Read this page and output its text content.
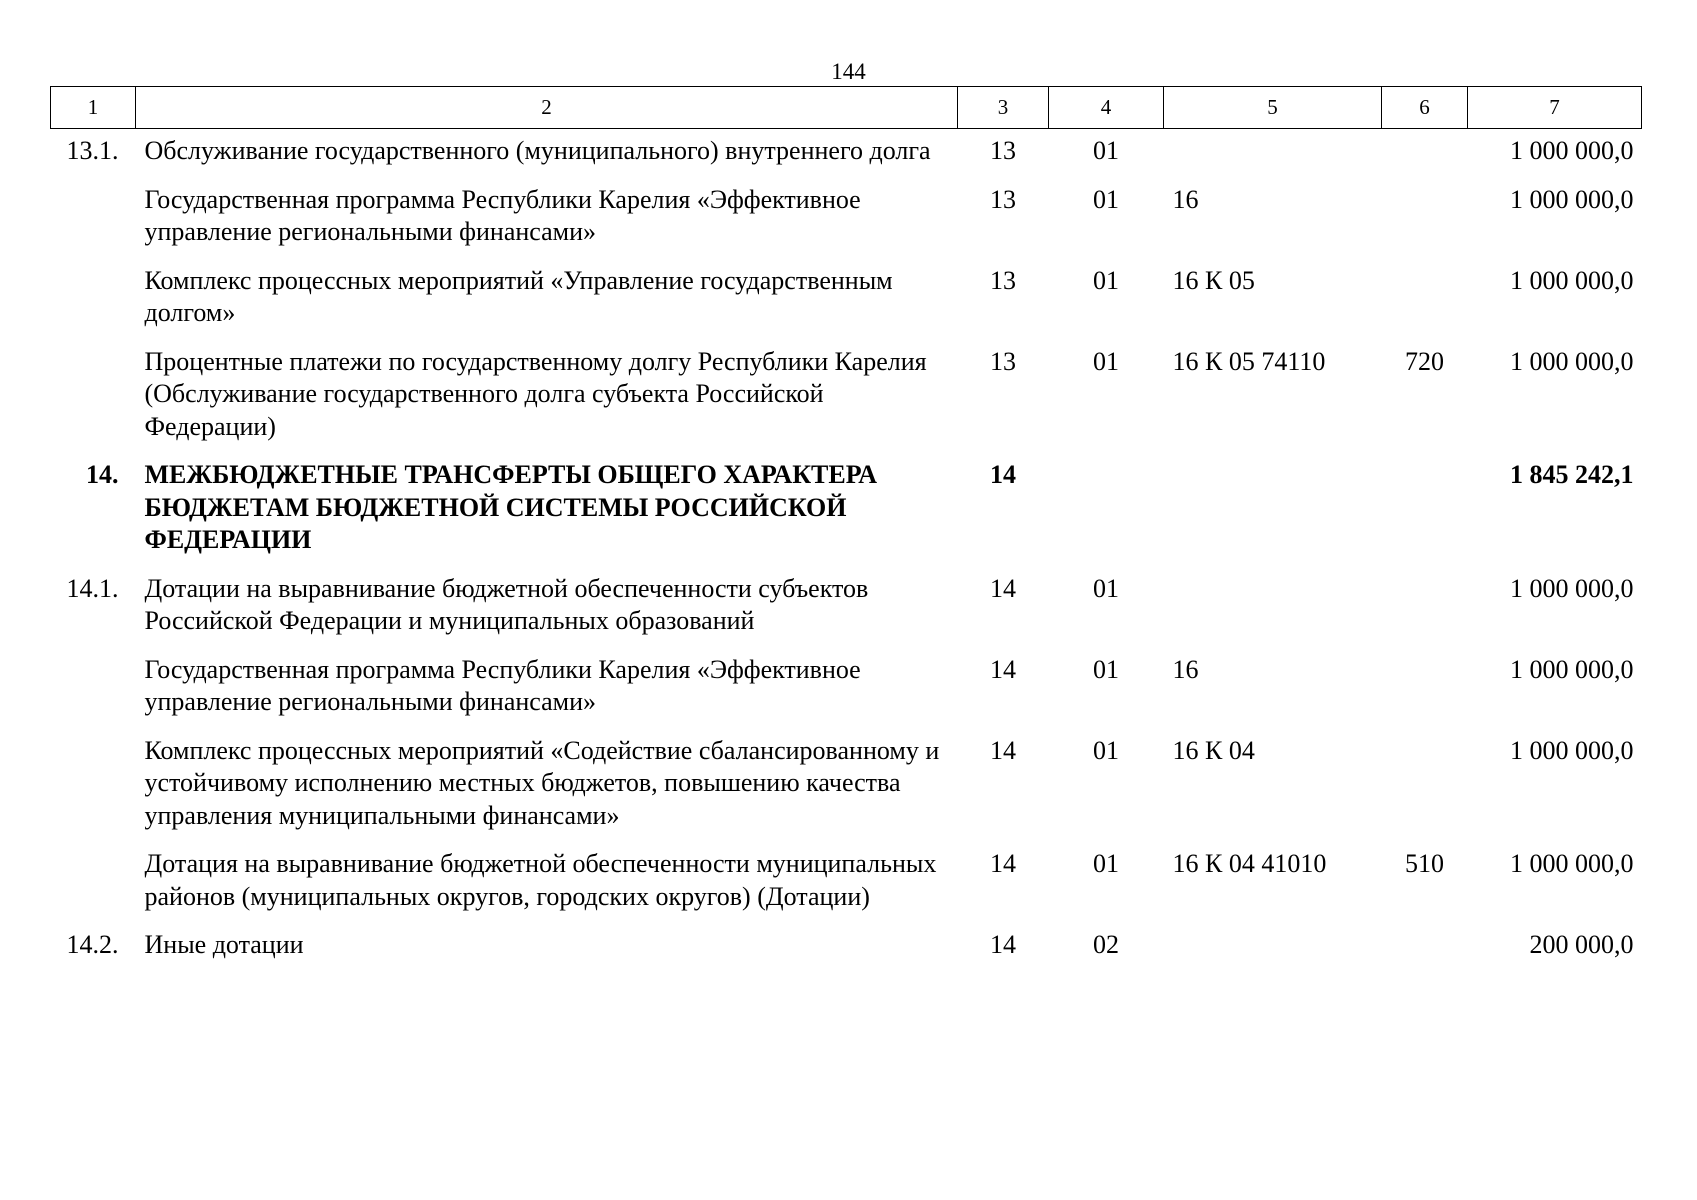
144
1	2	3	4	5	6	7

13.1.	Обслуживание государственного (муниципального) внутреннего долга	13	01			1 000 000,0

	Государственная программа Республики Карелия «Эффективное управление региональными финансами»	13	01	16		1 000 000,0

	Комплекс процессных мероприятий «Управление государственным долгом»	13	01	16 К 05		1 000 000,0

	Процентные платежи по государственному долгу Республики Карелия (Обслуживание государственного долга субъекта Российской Федерации)	13	01	16 К 05 74110	720	1 000 000,0

14.	МЕЖБЮДЖЕТНЫЕ ТРАНСФЕРТЫ ОБЩЕГО ХАРАКТЕРА БЮДЖЕТАМ БЮДЖЕТНОЙ СИСТЕМЫ РОССИЙСКОЙ ФЕДЕРАЦИИ	14				1 845 242,1

14.1.	Дотации на выравнивание бюджетной обеспеченности субъектов Российской Федерации и муниципальных образований	14	01			1 000 000,0

	Государственная программа Республики Карелия «Эффективное управление региональными финансами»	14	01	16		1 000 000,0

	Комплекс процессных мероприятий «Содействие сбалансированному и устойчивому исполнению местных бюджетов, повышению качества управления муниципальными финансами»	14	01	16 К 04		1 000 000,0

	Дотация на выравнивание бюджетной обеспеченности муниципальных районов (муниципальных округов, городских округов) (Дотации)	14	01	16 К 04 41010	510	1 000 000,0

14.2.	Иные дотации	14	02			200 000,0
